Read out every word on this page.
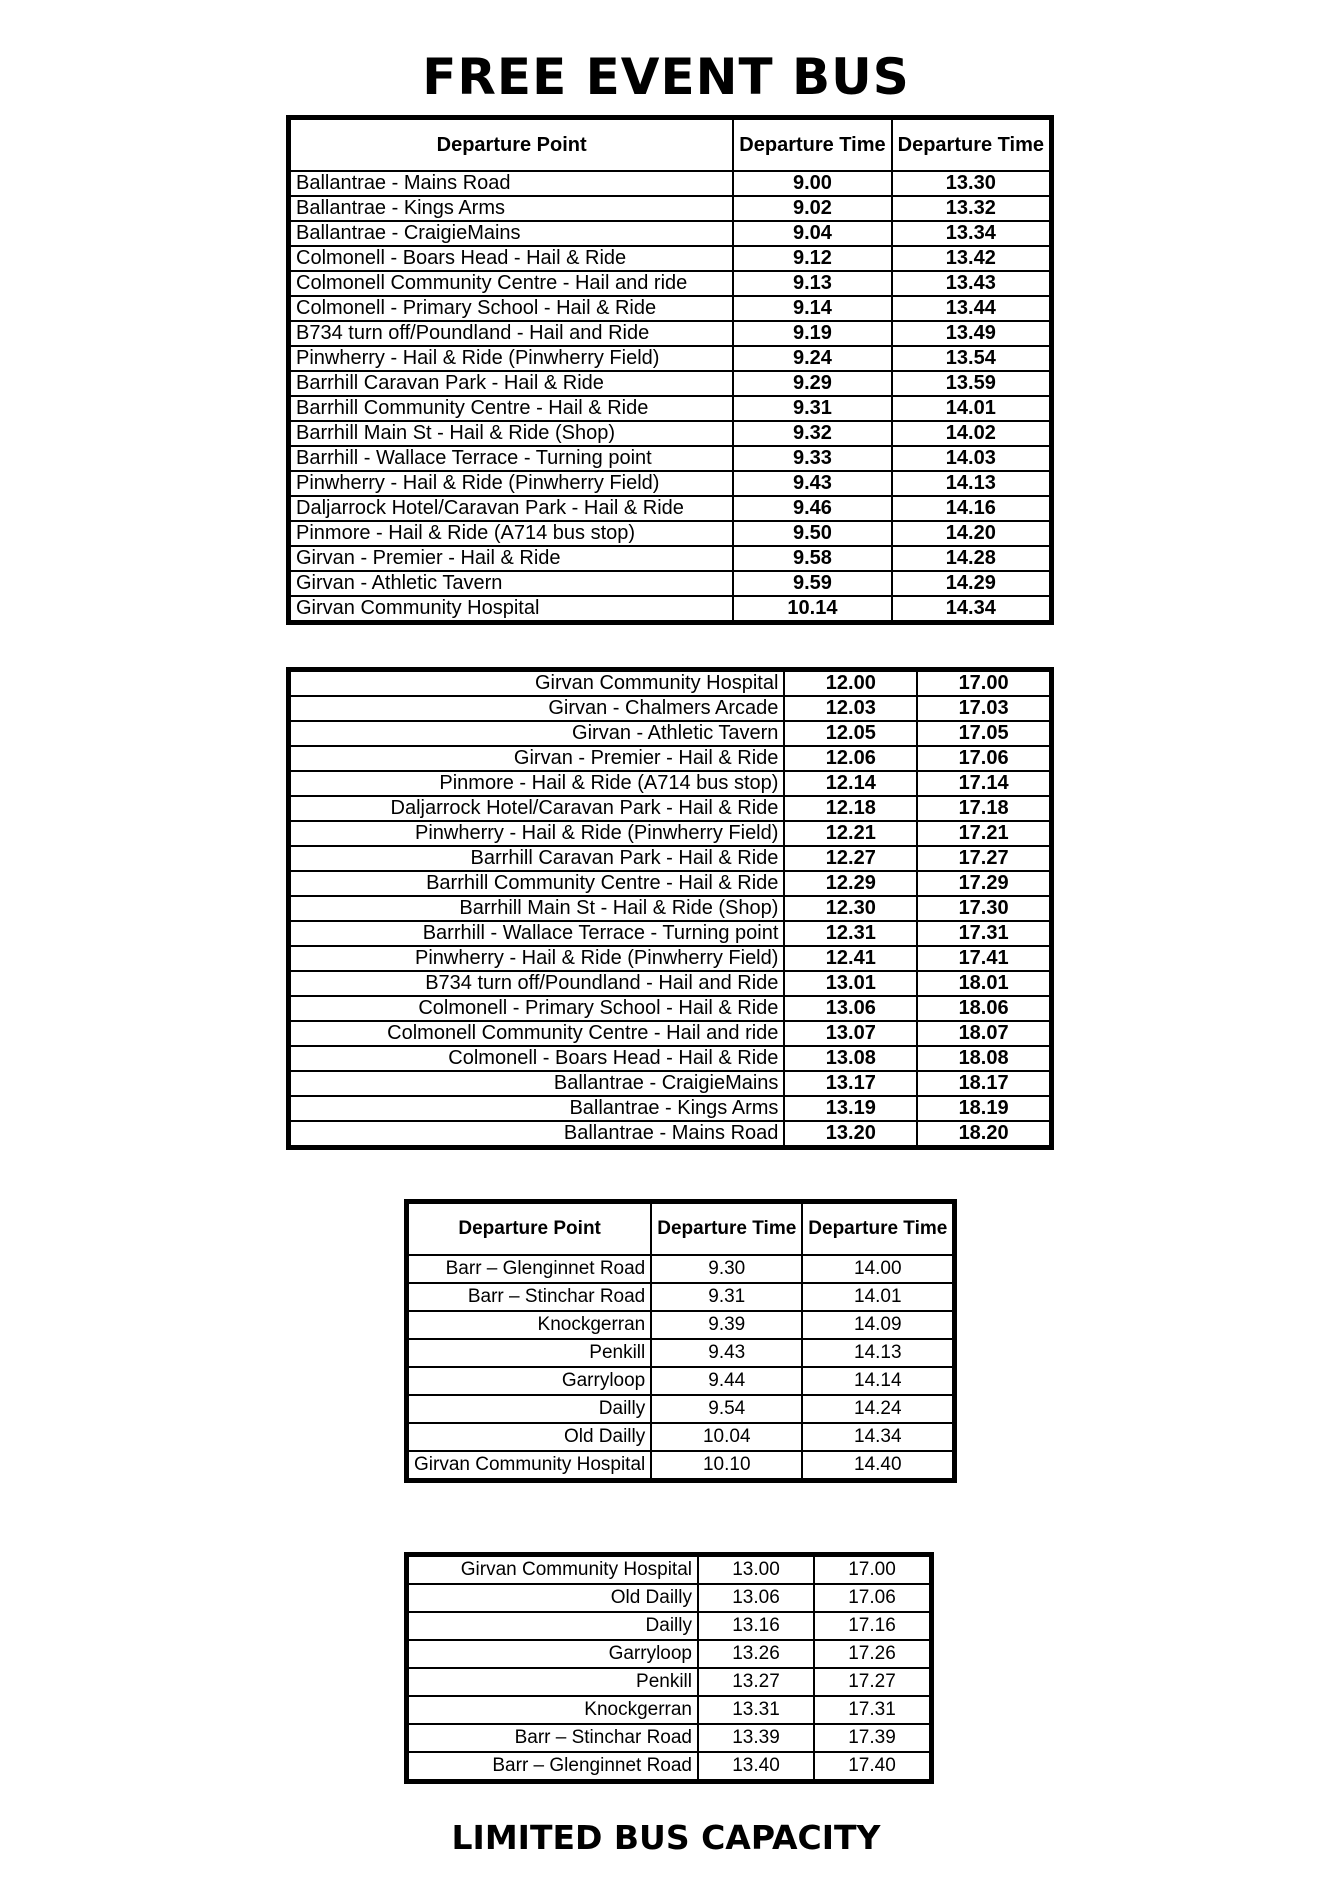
FREE EVENT BUS
Departure Point	Departure Time	Departure Time
Ballantrae - Mains Road	9.00	13.30
Ballantrae - Kings Arms	9.02	13.32
Ballantrae - CraigieMains	9.04	13.34
Colmonell - Boars Head - Hail & Ride	9.12	13.42
Colmonell Community Centre - Hail and ride	9.13	13.43
Colmonell - Primary School - Hail & Ride	9.14	13.44
B734 turn off/Poundland - Hail and Ride	9.19	13.49
Pinwherry - Hail & Ride (Pinwherry Field)	9.24	13.54
Barrhill Caravan Park - Hail & Ride	9.29	13.59
Barrhill Community Centre - Hail & Ride	9.31	14.01
Barrhill Main St - Hail & Ride (Shop)	9.32	14.02
Barrhill - Wallace Terrace - Turning point	9.33	14.03
Pinwherry - Hail & Ride (Pinwherry Field)	9.43	14.13
Daljarrock Hotel/Caravan Park - Hail & Ride	9.46	14.16
Pinmore - Hail & Ride (A714 bus stop)	9.50	14.20
Girvan - Premier - Hail & Ride	9.58	14.28
Girvan - Athletic Tavern	9.59	14.29
Girvan Community Hospital	10.14	14.34
Girvan Community Hospital	12.00	17.00
Girvan - Chalmers Arcade	12.03	17.03
Girvan - Athletic Tavern	12.05	17.05
Girvan - Premier - Hail & Ride	12.06	17.06
Pinmore - Hail & Ride (A714 bus stop)	12.14	17.14
Daljarrock Hotel/Caravan Park - Hail & Ride	12.18	17.18
Pinwherry - Hail & Ride (Pinwherry Field)	12.21	17.21
Barrhill Caravan Park - Hail & Ride	12.27	17.27
Barrhill Community Centre - Hail & Ride	12.29	17.29
Barrhill Main St - Hail & Ride (Shop)	12.30	17.30
Barrhill - Wallace Terrace - Turning point	12.31	17.31
Pinwherry - Hail & Ride (Pinwherry Field)	12.41	17.41
B734 turn off/Poundland - Hail and Ride	13.01	18.01
Colmonell - Primary School - Hail & Ride	13.06	18.06
Colmonell Community Centre - Hail and ride	13.07	18.07
Colmonell - Boars Head - Hail & Ride	13.08	18.08
Ballantrae - CraigieMains	13.17	18.17
Ballantrae - Kings Arms	13.19	18.19
Ballantrae - Mains Road	13.20	18.20
Departure Point	Departure Time	Departure Time
Barr – Glenginnet Road	9.30	14.00
Barr – Stinchar Road	9.31	14.01
Knockgerran	9.39	14.09
Penkill	9.43	14.13
Garryloop	9.44	14.14
Dailly	9.54	14.24
Old Dailly	10.04	14.34
Girvan Community Hospital	10.10	14.40
Girvan Community Hospital	13.00	17.00
Old Dailly	13.06	17.06
Dailly	13.16	17.16
Garryloop	13.26	17.26
Penkill	13.27	17.27
Knockgerran	13.31	17.31
Barr – Stinchar Road	13.39	17.39
Barr – Glenginnet Road	13.40	17.40
LIMITED BUS CAPACITY
